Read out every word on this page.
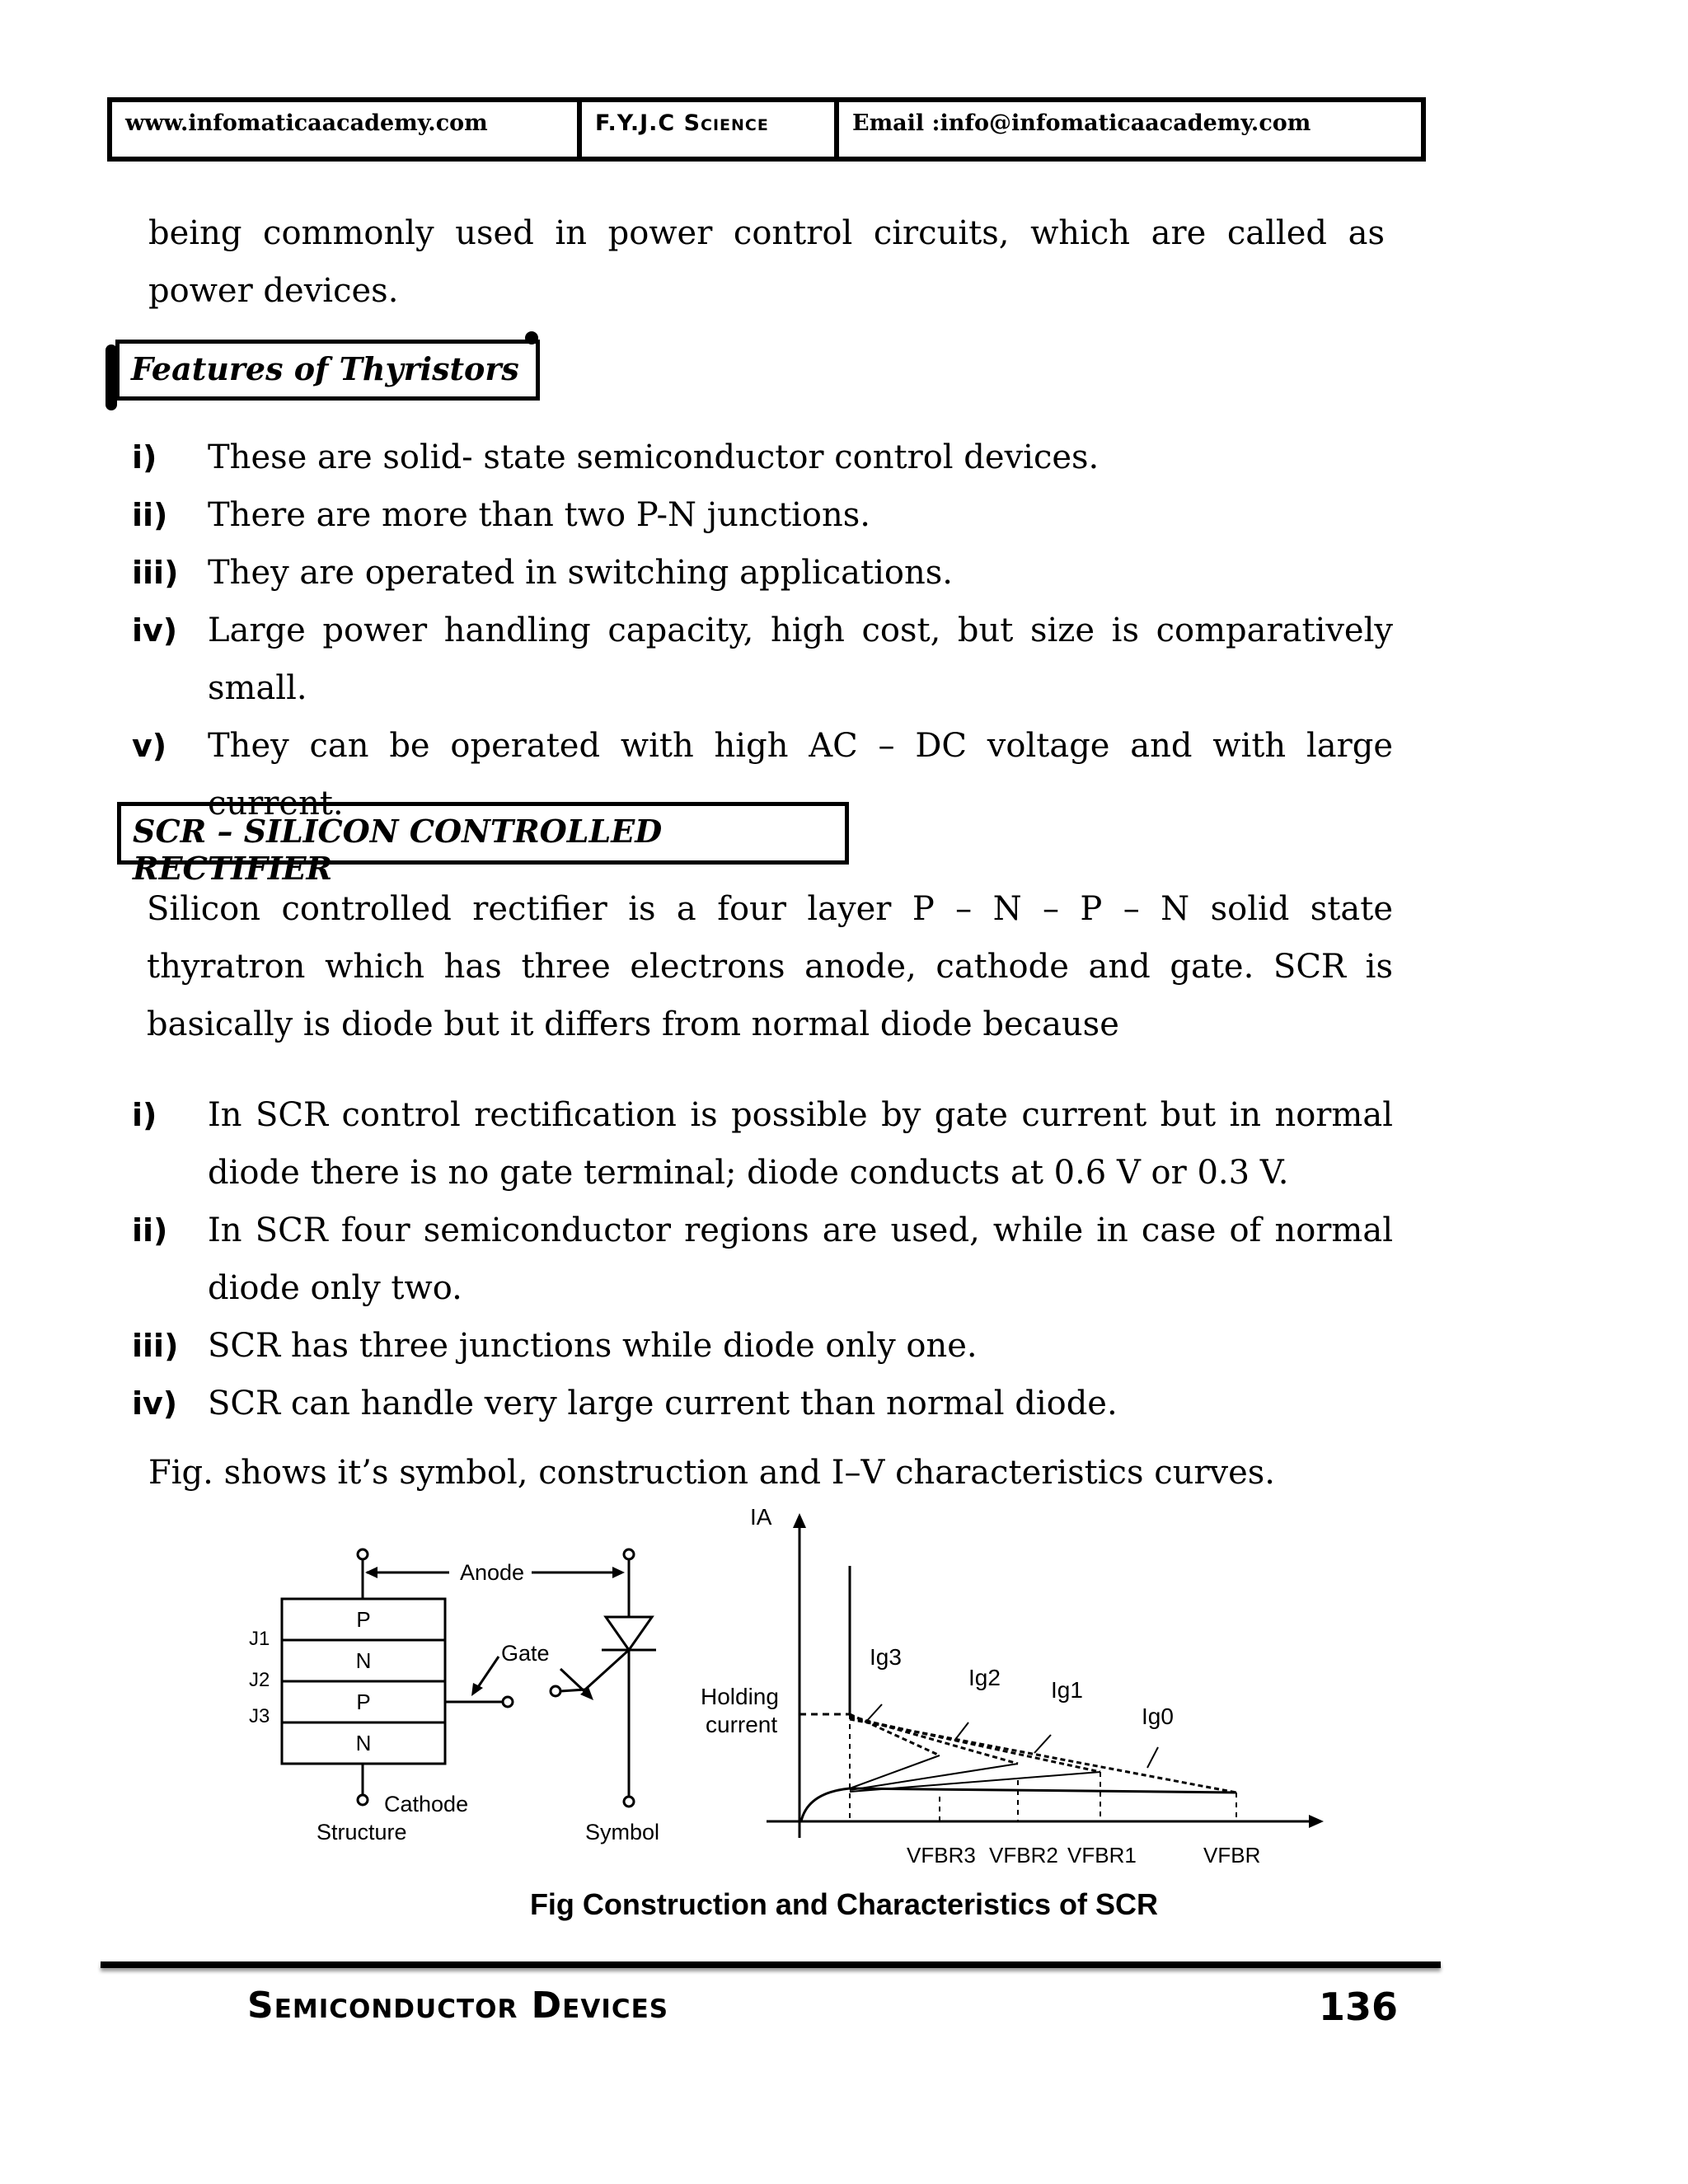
www.infomaticaacademy.com	F.Y.J.C Science	Email :info@infomaticaacademy.com
being commonly used in power control circuits, which are called as power devices.
Features of Thyristors
i) These are solid- state semiconductor control devices.
ii) There are more than two P-N junctions.
iii) They are operated in switching applications.
iv) Large power handling capacity, high cost, but size is comparatively small.
v) They can be operated with high AC – DC voltage and with large current.
SCR – SILICON CONTROLLED RECTIFIER
Silicon controlled rectifier is a four layer P – N – P – N solid state thyratron which has three electrons anode, cathode and gate. SCR is basically is diode but it differs from normal diode because
i) In SCR control rectification is possible by gate current but in normal diode there is no gate terminal; diode conducts at 0.6 V or 0.3 V.
ii) In SCR four semiconductor regions are used, while in case of normal diode only two.
iii) SCR has three junctions while diode only one.
iv) SCR can handle very large current than normal diode.
Fig. shows it’s symbol, construction and I–V characteristics curves.
P
N
P
N
J1
J2
J3
Anode
Gate
Cathode
Structure	Symbol
IA
Holding
current
Ig3
Ig2 Ig1
Ig0
VFBR3 VFBR2 VFBR1	VFBR
Fig Construction and Characteristics of SCR
Semiconductor Devices	136
